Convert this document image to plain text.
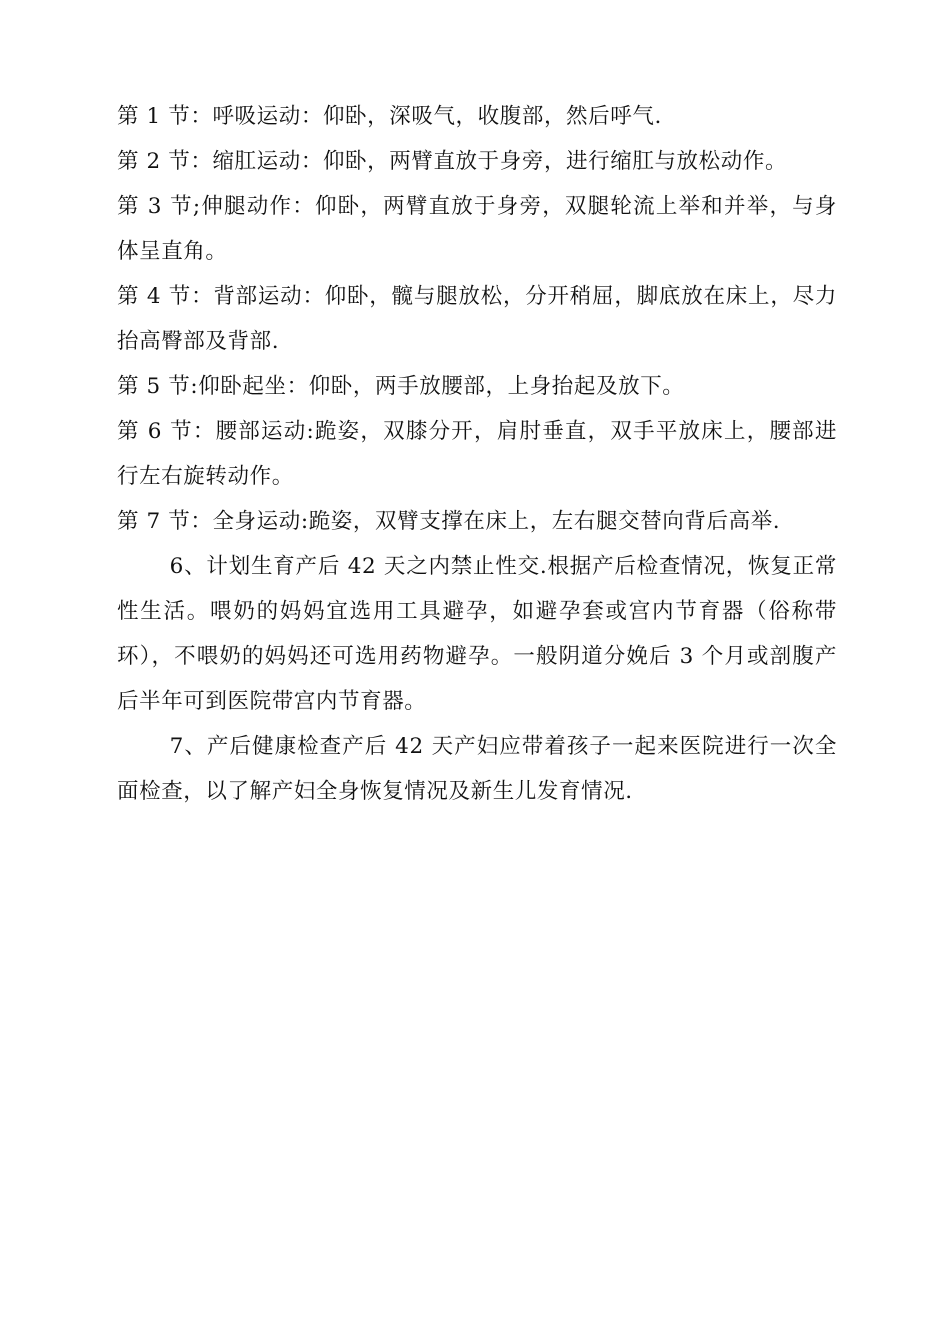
第 1 节：呼吸运动：仰卧，深吸气，收腹部，然后呼气.

第 2 节：缩肛运动：仰卧，两臂直放于身旁，进行缩肛与放松动作。

第 3 节;伸腿动作：仰卧，两臂直放于身旁，双腿轮流上举和并举，与身体呈直角。

第 4 节：背部运动：仰卧，髋与腿放松，分开稍屈，脚底放在床上，尽力抬高臀部及背部.

第 5 节:仰卧起坐：仰卧，两手放腰部，上身抬起及放下。

第 6 节：腰部运动:跪姿，双膝分开，肩肘垂直，双手平放床上，腰部进行左右旋转动作。

第 7 节：全身运动:跪姿，双臂支撑在床上，左右腿交替向背后高举.

6、计划生育产后 42 天之内禁止性交.根据产后检查情况，恢复正常性生活。喂奶的妈妈宜选用工具避孕，如避孕套或宫内节育器（俗称带环），不喂奶的妈妈还可选用药物避孕。一般阴道分娩后 3 个月或剖腹产后半年可到医院带宫内节育器。

7、产后健康检查产后 42 天产妇应带着孩子一起来医院进行一次全面检查，以了解产妇全身恢复情况及新生儿发育情况.
